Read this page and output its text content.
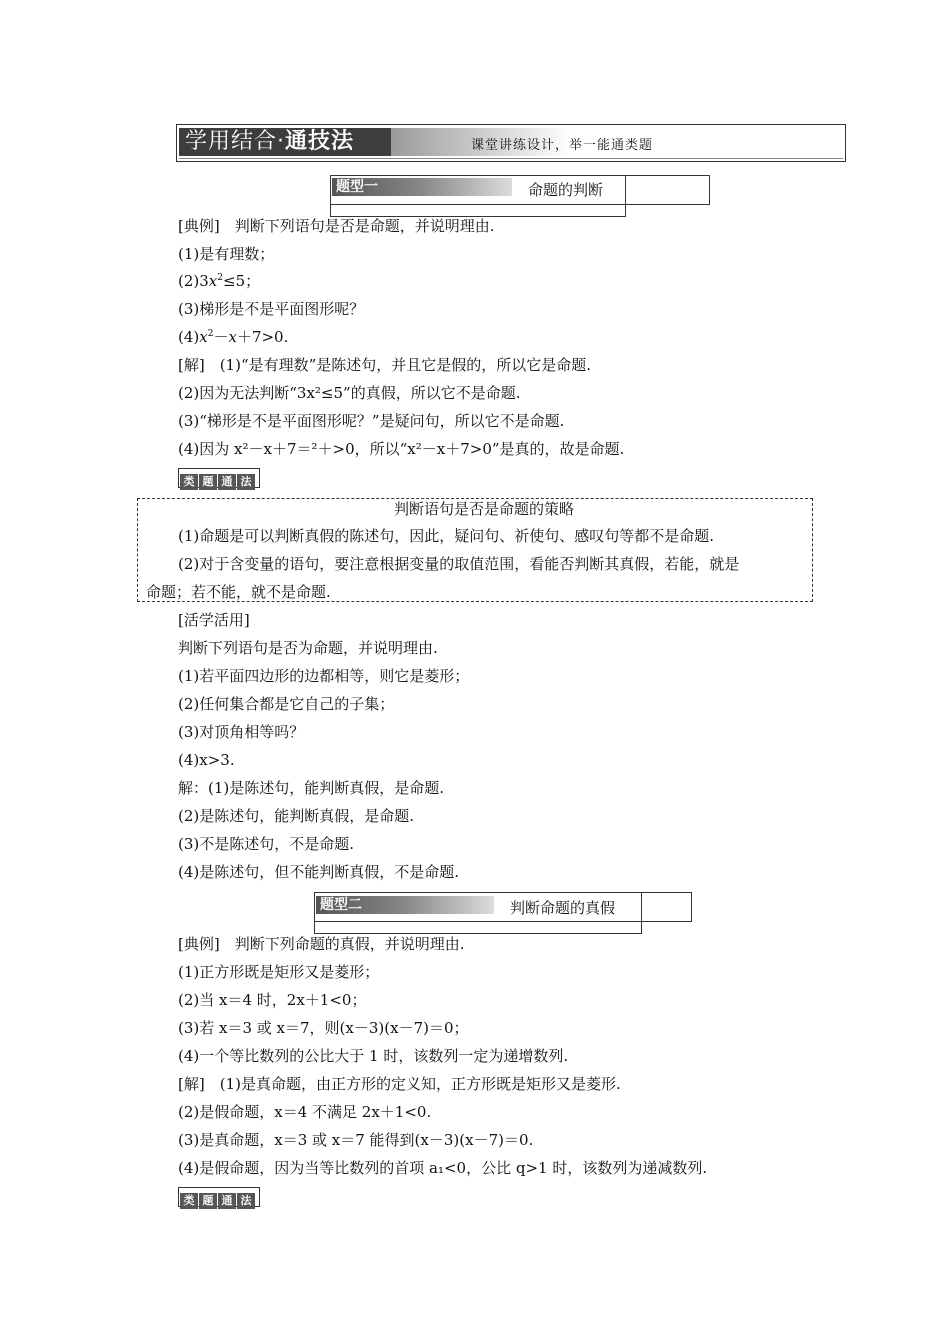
学用结合·通技法	课堂讲练设计，举一能通类题
题型一	命题的判断
[典例]　判断下列语句是否是命题，并说明理由.
(1)是有理数；
$(2)3x^2\le 5$；
(3)梯形是不是平面图形呢？
$(4)x^2-x+7>0$.
[解]　(1)“是有理数”是陈述句，并且它是假的，所以它是命题.
(2)因为无法判断“3x²≤5”的真假，所以它不是命题.
(3)“梯形是不是平面图形呢？”是疑问句，所以它不是命题.
(4)因为 x²－x＋7＝²＋>0，所以“x²－x＋7>0”是真的，故是命题.
类 题 通 法
判断语句是否是命题的策略
(1)命题是可以判断真假的陈述句，因此，疑问句、祈使句、感叹句等都不是命题.
(2)对于含变量的语句，要注意根据变量的取值范围，看能否判断其真假，若能，就是
命题；若不能，就不是命题.
[活学活用]
判断下列语句是否为命题，并说明理由.
(1)若平面四边形的边都相等，则它是菱形；
(2)任何集合都是它自己的子集；
(3)对顶角相等吗？
(4)x>3.
解：(1)是陈述句，能判断真假，是命题.
(2)是陈述句，能判断真假，是命题.
(3)不是陈述句，不是命题.
(4)是陈述句，但不能判断真假，不是命题.
题型二	判断命题的真假
[典例]　判断下列命题的真假，并说明理由.
(1)正方形既是矩形又是菱形；
(2)当 x＝4 时，2x＋1<0；
(3)若 x＝3 或 x＝7，则(x－3)(x－7)＝0；
(4)一个等比数列的公比大于 1 时，该数列一定为递增数列.
[解]　(1)是真命题，由正方形的定义知，正方形既是矩形又是菱形.
(2)是假命题，x＝4 不满足 2x＋1<0.
(3)是真命题，x＝3 或 x＝7 能得到(x－3)(x－7)＝0.
(4)是假命题，因为当等比数列的首项 a₁<0，公比 q>1 时，该数列为递减数列.
类 题 通 法
